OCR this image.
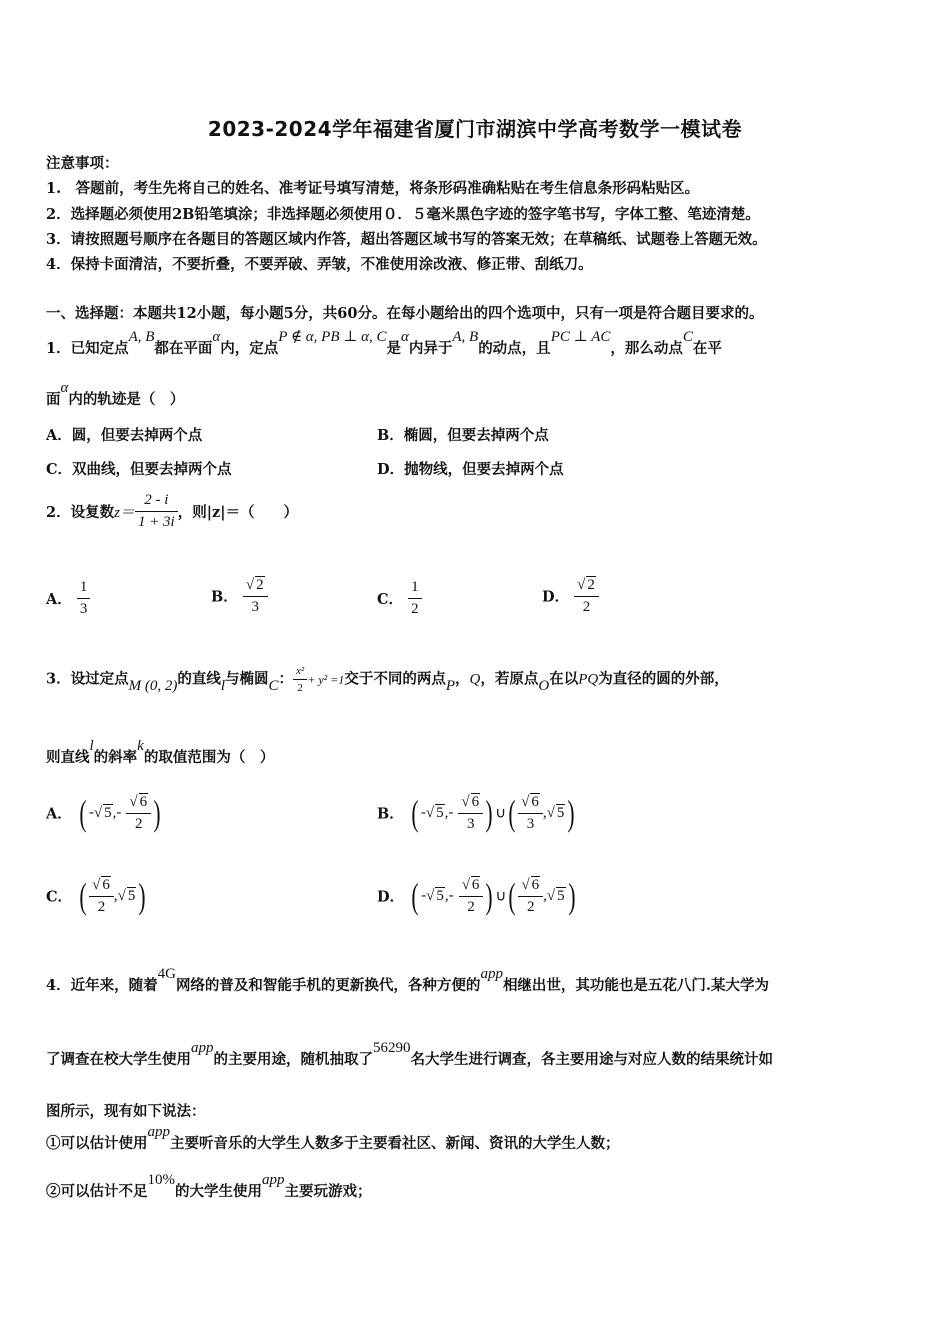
2023-2024学年福建省厦门市湖滨中学高考数学一模试卷
注意事项：
1.　答题前，考生先将自己的姓名、准考证号填写清楚，将条形码准确粘贴在考生信息条形码粘贴区。
2．选择题必须使用2B铅笔填涂；非选择题必须使用０．５毫米黑色字迹的签字笔书写，字体工整、笔迹清楚。
3．请按照题号顺序在各题目的答题区域内作答，超出答题区域书写的答案无效；在草稿纸、试题卷上答题无效。
4．保持卡面清洁，不要折叠，不要弄破、弄皱，不准使用涂改液、修正带、刮纸刀。
一、选择题：本题共12小题，每小题5分，共60分。在每小题给出的四个选项中，只有一项是符合题目要求的。
1．已知定点A, B都在平面α内，定点P ∉ α, PB ⊥ α, C是α内异于A, B的动点，且PC ⊥ AC，那么动点C在平
面α内的轨迹是（　）
A．圆，但要去掉两个点	B．椭圆，但要去掉两个点
C．双曲线，但要去掉两个点	D．抛物线，但要去掉两个点
2．设复数$z= \frac{2 - i}{1 + 3i}$ ，则|z|＝（　　）
A． $\frac{1}{3}$	B． $\frac{√ 2}{3}$	C． $\frac{1}{2}$	D． $\frac{√ 2}{2}$
3．设过定点M (0, 2)的直线l与椭圆C： $\frac{\text{x²}}{2} + y^2 =1$交于不同的两点P，Q，若原点O在以PQ为直径的圆的外部，
则直线l的斜率k的取值范围为（　）
A． ( -√ $5,- \frac{√ 6}{2}$ )	B． ( -√ $5,- \frac{√ 6}{3}$ ) ∪( $\frac{√ 6}{3}$ ,√ 5)
C． ( $\frac{√ 6}{2}$ ,√ 5)	D． ( -√ $5,- \frac{√ 6}{2}$ ) ∪( $\frac{√ 6}{2}$ ,√ 5)
4．近年来，随着4G网络的普及和智能手机的更新换代，各种方便的app相继出世，其功能也是五花八门.某大学为
了调查在校大学生使用app的主要用途，随机抽取了56290名大学生进行调查，各主要用途与对应人数的结果统计如
图所示，现有如下说法：
①可以估计使用app主要听音乐的大学生人数多于主要看社区、新闻、资讯的大学生人数；
②可以估计不足10%的大学生使用app主要玩游戏；
